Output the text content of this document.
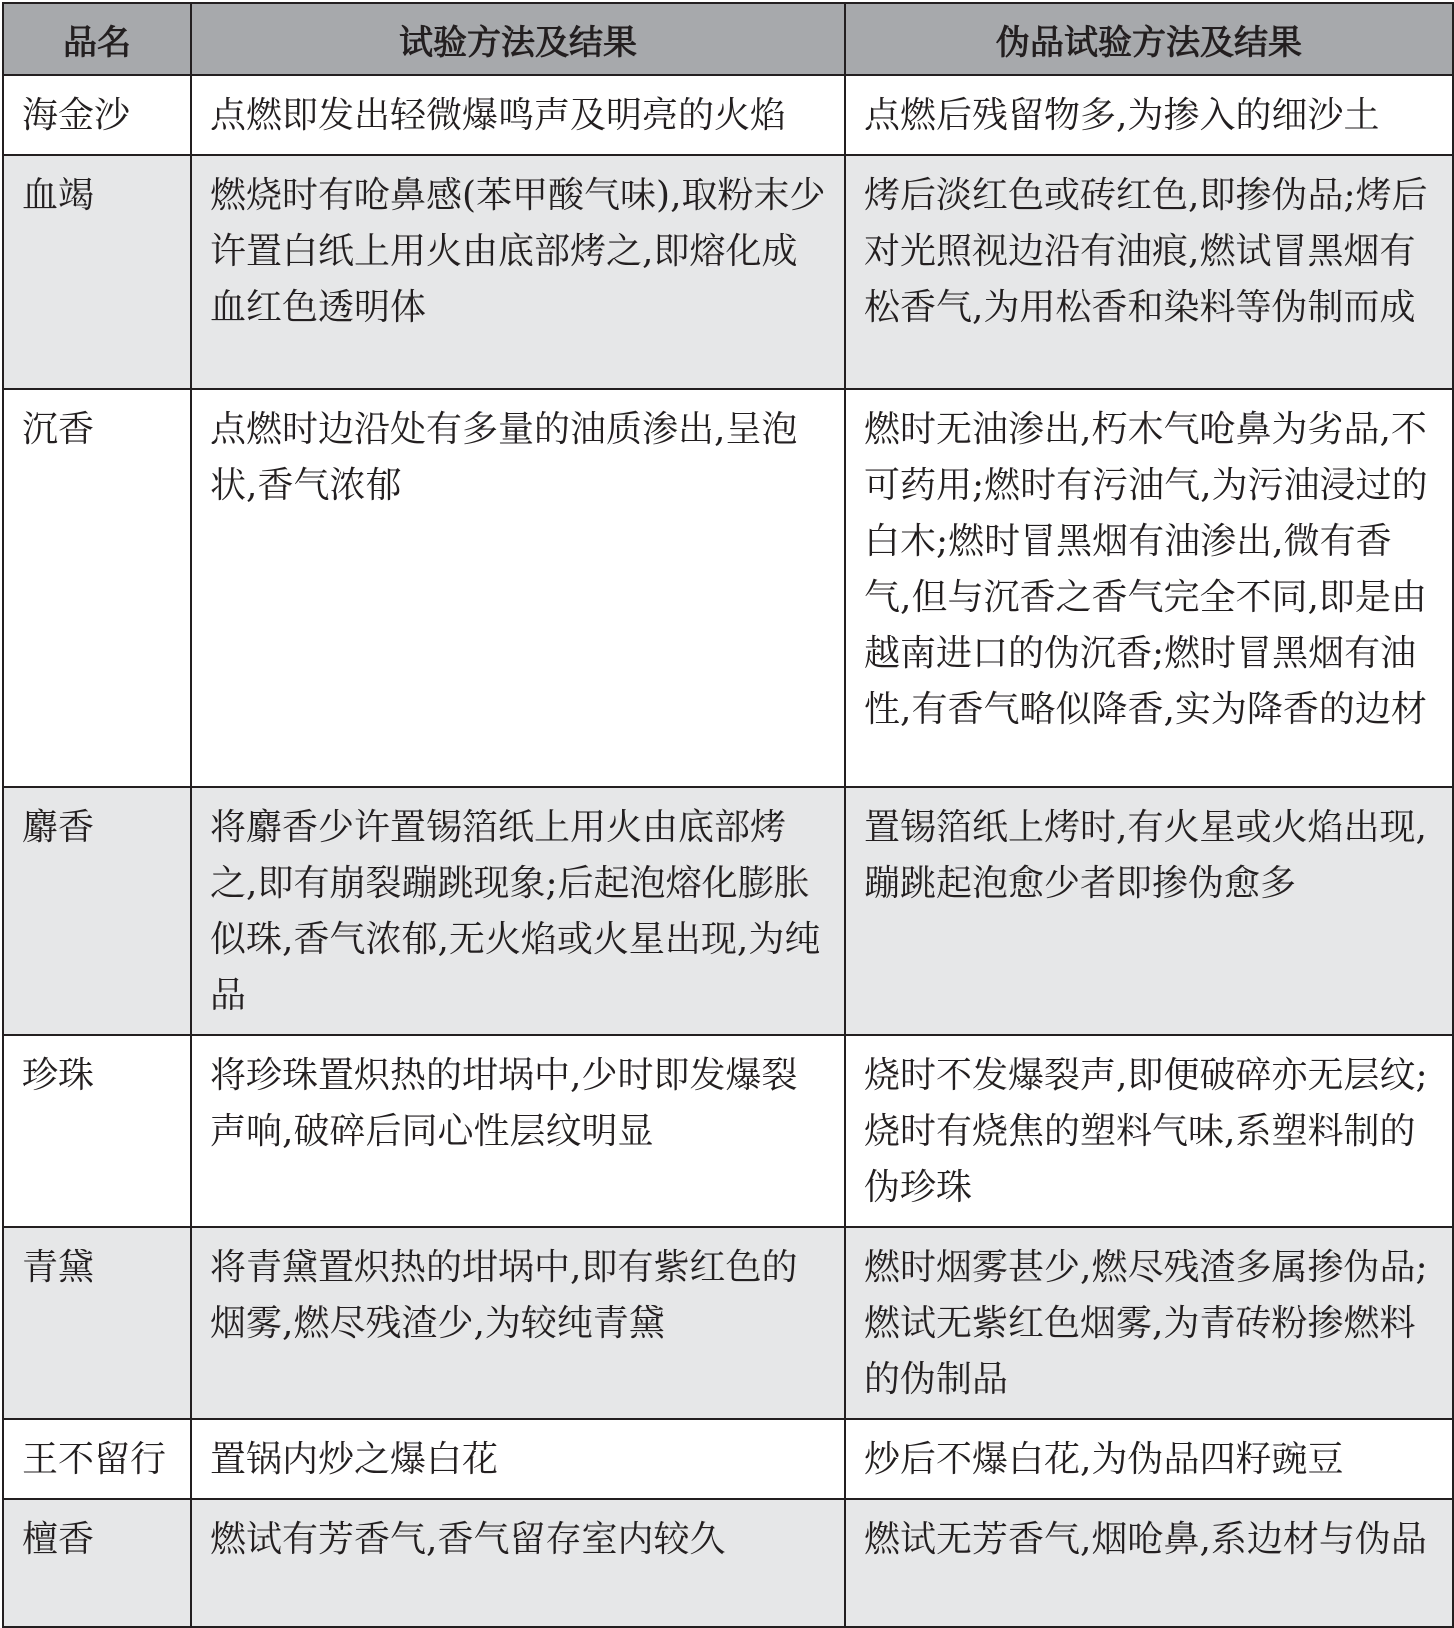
品名	试验方法及结果	伪品试验方法及结果
海金沙	点燃即发出轻微爆鸣声及明亮的火焰	点燃后残留物多,为掺入的细沙土
血竭	燃烧时有呛鼻感(苯甲酸气味),取粉末少许置白纸上用火由底部烤之,即熔化成血红色透明体	烤后淡红色或砖红色,即掺伪品;烤后对光照视边沿有油痕,燃试冒黑烟有松香气,为用松香和染料等伪制而成
沉香	点燃时边沿处有多量的油质渗出,呈泡状,香气浓郁	燃时无油渗出,朽木气呛鼻为劣品,不可药用;燃时有污油气,为污油浸过的白木;燃时冒黑烟有油渗出,微有香气,但与沉香之香气完全不同,即是由越南进口的伪沉香;燃时冒黑烟有油性,有香气略似降香,实为降香的边材
麝香	将麝香少许置锡箔纸上用火由底部烤之,即有崩裂蹦跳现象;后起泡熔化膨胀似珠,香气浓郁,无火焰或火星出现,为纯品	置锡箔纸上烤时,有火星或火焰出现,蹦跳起泡愈少者即掺伪愈多
珍珠	将珍珠置炽热的坩埚中,少时即发爆裂声响,破碎后同心性层纹明显	烧时不发爆裂声,即便破碎亦无层纹;烧时有烧焦的塑料气味,系塑料制的伪珍珠
青黛	将青黛置炽热的坩埚中,即有紫红色的烟雾,燃尽残渣少,为较纯青黛	燃时烟雾甚少,燃尽残渣多属掺伪品;燃试无紫红色烟雾,为青砖粉掺燃料的伪制品
王不留行	置锅内炒之爆白花	炒后不爆白花,为伪品四籽豌豆
檀香	燃试有芳香气,香气留存室内较久	燃试无芳香气,烟呛鼻,系边材与伪品
